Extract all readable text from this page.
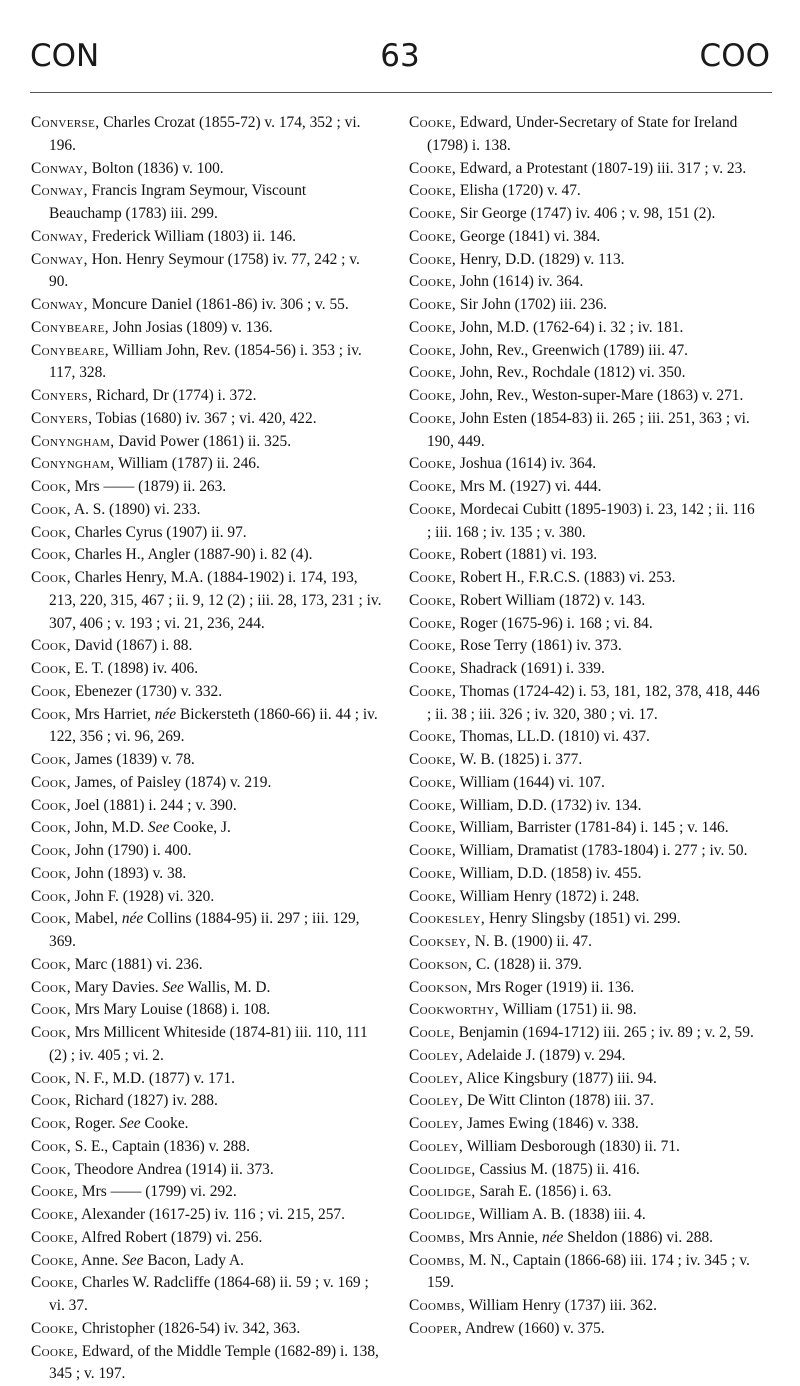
CON	63	COO
Converse, Charles Crozat (1855-72) v. 174, 352 ; vi. 196.
Conway, Bolton (1836) v. 100.
Conway, Francis Ingram Seymour, Viscount Beauchamp (1783) iii. 299.
Conway, Frederick William (1803) ii. 146.
Conway, Hon. Henry Seymour (1758) iv. 77, 242 ; v. 90.
Conway, Moncure Daniel (1861-86) iv. 306 ; v. 55.
Conybeare, John Josias (1809) v. 136.
Conybeare, William John, Rev. (1854-56) i. 353 ; iv. 117, 328.
Conyers, Richard, Dr (1774) i. 372.
Conyers, Tobias (1680) iv. 367 ; vi. 420, 422.
Conyngham, David Power (1861) ii. 325.
Conyngham, William (1787) ii. 246.
Cook, Mrs —— (1879) ii. 263.
Cook, A. S. (1890) vi. 233.
Cook, Charles Cyrus (1907) ii. 97.
Cook, Charles H., Angler (1887-90) i. 82 (4).
Cook, Charles Henry, M.A. (1884-1902) i. 174, 193, 213, 220, 315, 467 ; ii. 9, 12 (2) ; iii. 28, 173, 231 ; iv. 307, 406 ; v. 193 ; vi. 21, 236, 244.
Cook, David (1867) i. 88.
Cook, E. T. (1898) iv. 406.
Cook, Ebenezer (1730) v. 332.
Cook, Mrs Harriet, née Bickersteth (1860-66) ii. 44 ; iv. 122, 356 ; vi. 96, 269.
Cook, James (1839) v. 78.
Cook, James, of Paisley (1874) v. 219.
Cook, Joel (1881) i. 244 ; v. 390.
Cook, John, M.D. See Cooke, J.
Cook, John (1790) i. 400.
Cook, John (1893) v. 38.
Cook, John F. (1928) vi. 320.
Cook, Mabel, née Collins (1884-95) ii. 297 ; iii. 129, 369.
Cook, Marc (1881) vi. 236.
Cook, Mary Davies. See Wallis, M. D.
Cook, Mrs Mary Louise (1868) i. 108.
Cook, Mrs Millicent Whiteside (1874-81) iii. 110, 111 (2) ; iv. 405 ; vi. 2.
Cook, N. F., M.D. (1877) v. 171.
Cook, Richard (1827) iv. 288.
Cook, Roger. See Cooke.
Cook, S. E., Captain (1836) v. 288.
Cook, Theodore Andrea (1914) ii. 373.
Cooke, Mrs —— (1799) vi. 292.
Cooke, Alexander (1617-25) iv. 116 ; vi. 215, 257.
Cooke, Alfred Robert (1879) vi. 256.
Cooke, Anne. See Bacon, Lady A.
Cooke, Charles W. Radcliffe (1864-68) ii. 59 ; v. 169 ; vi. 37.
Cooke, Christopher (1826-54) iv. 342, 363.
Cooke, Edward, of the Middle Temple (1682-89) i. 138, 345 ; v. 197.
Cooke, Edward, Under-Secretary of State for Ireland (1798) i. 138.
Cooke, Edward, a Protestant (1807-19) iii. 317 ; v. 23.
Cooke, Elisha (1720) v. 47.
Cooke, Sir George (1747) iv. 406 ; v. 98, 151 (2).
Cooke, George (1841) vi. 384.
Cooke, Henry, D.D. (1829) v. 113.
Cooke, John (1614) iv. 364.
Cooke, Sir John (1702) iii. 236.
Cooke, John, M.D. (1762-64) i. 32 ; iv. 181.
Cooke, John, Rev., Greenwich (1789) iii. 47.
Cooke, John, Rev., Rochdale (1812) vi. 350.
Cooke, John, Rev., Weston-super-Mare (1863) v. 271.
Cooke, John Esten (1854-83) ii. 265 ; iii. 251, 363 ; vi. 190, 449.
Cooke, Joshua (1614) iv. 364.
Cooke, Mrs M. (1927) vi. 444.
Cooke, Mordecai Cubitt (1895-1903) i. 23, 142 ; ii. 116 ; iii. 168 ; iv. 135 ; v. 380.
Cooke, Robert (1881) vi. 193.
Cooke, Robert H., F.R.C.S. (1883) vi. 253.
Cooke, Robert William (1872) v. 143.
Cooke, Roger (1675-96) i. 168 ; vi. 84.
Cooke, Rose Terry (1861) iv. 373.
Cooke, Shadrack (1691) i. 339.
Cooke, Thomas (1724-42) i. 53, 181, 182, 378, 418, 446 ; ii. 38 ; iii. 326 ; iv. 320, 380 ; vi. 17.
Cooke, Thomas, LL.D. (1810) vi. 437.
Cooke, W. B. (1825) i. 377.
Cooke, William (1644) vi. 107.
Cooke, William, D.D. (1732) iv. 134.
Cooke, William, Barrister (1781-84) i. 145 ; v. 146.
Cooke, William, Dramatist (1783-1804) i. 277 ; iv. 50.
Cooke, William, D.D. (1858) iv. 455.
Cooke, William Henry (1872) i. 248.
Cookesley, Henry Slingsby (1851) vi. 299.
Cooksey, N. B. (1900) ii. 47.
Cookson, C. (1828) ii. 379.
Cookson, Mrs Roger (1919) ii. 136.
Cookworthy, William (1751) ii. 98.
Coole, Benjamin (1694-1712) iii. 265 ; iv. 89 ; v. 2, 59.
Cooley, Adelaide J. (1879) v. 294.
Cooley, Alice Kingsbury (1877) iii. 94.
Cooley, De Witt Clinton (1878) iii. 37.
Cooley, James Ewing (1846) v. 338.
Cooley, William Desborough (1830) ii. 71.
Coolidge, Cassius M. (1875) ii. 416.
Coolidge, Sarah E. (1856) i. 63.
Coolidge, William A. B. (1838) iii. 4.
Coombs, Mrs Annie, née Sheldon (1886) vi. 288.
Coombs, M. N., Captain (1866-68) iii. 174 ; iv. 345 ; v. 159.
Coombs, William Henry (1737) iii. 362.
Cooper, Andrew (1660) v. 375.
